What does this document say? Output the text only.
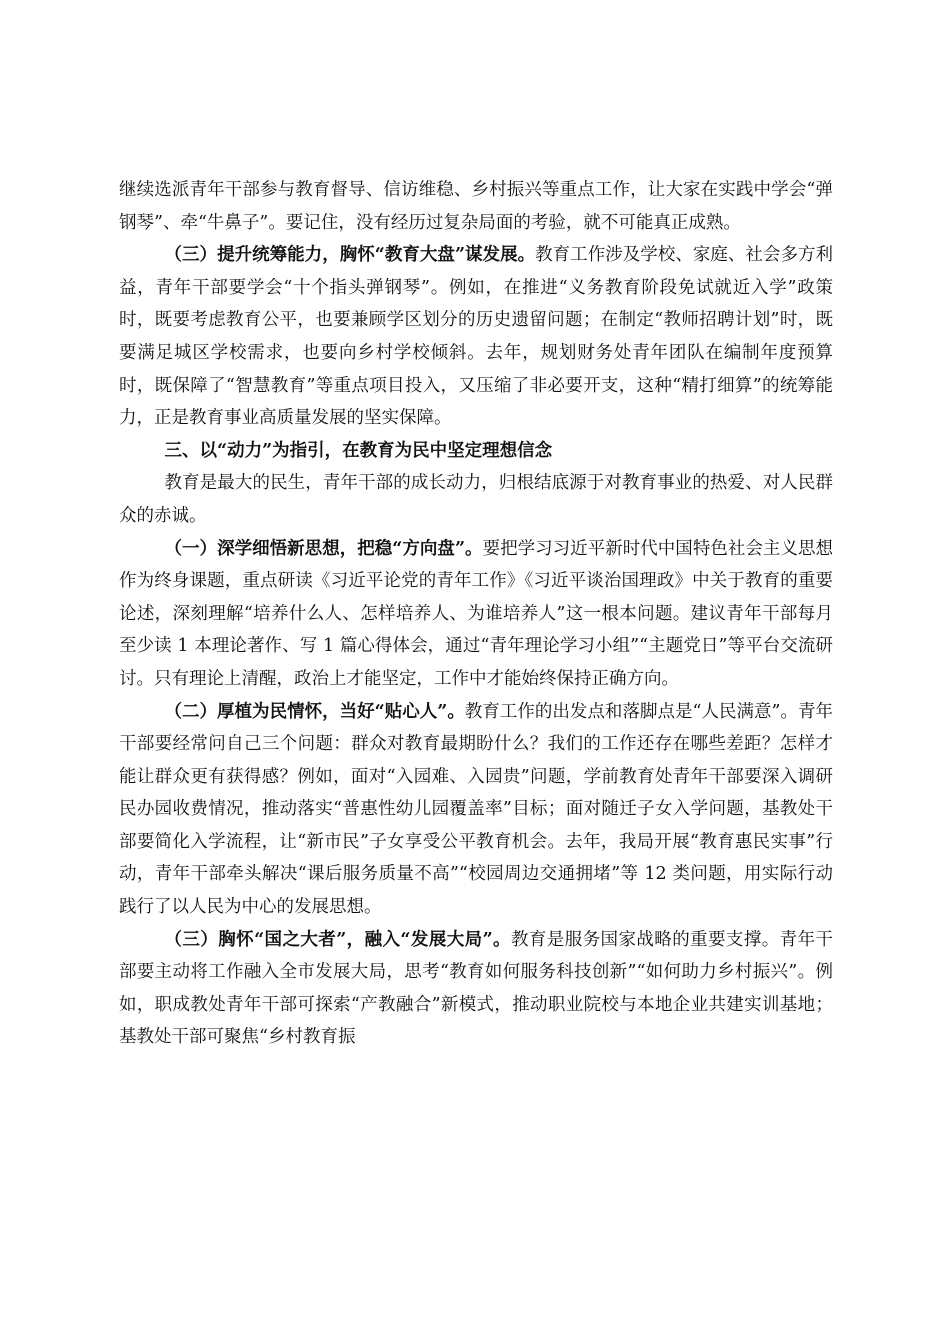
继续选派青年干部参与教育督导、信访维稳、乡村振兴等重点工作，让大家在实践中学会“弹钢琴”、牵“牛鼻子”。要记住，没有经历过复杂局面的考验，就不可能真正成熟。

（三）提升统筹能力，胸怀“教育大盘”谋发展。教育工作涉及学校、家庭、社会多方利益，青年干部要学会“十个指头弹钢琴”。例如，在推进“义务教育阶段免试就近入学”政策时，既要考虑教育公平，也要兼顾学区划分的历史遗留问题；在制定“教师招聘计划”时，既要满足城区学校需求，也要向乡村学校倾斜。去年，规划财务处青年团队在编制年度预算时，既保障了“智慧教育”等重点项目投入，又压缩了非必要开支，这种“精打细算”的统筹能力，正是教育事业高质量发展的坚实保障。

三、以“动力”为指引，在教育为民中坚定理想信念

教育是最大的民生，青年干部的成长动力，归根结底源于对教育事业的热爱、对人民群众的赤诚。

（一）深学细悟新思想，把稳“方向盘”。要把学习习近平新时代中国特色社会主义思想作为终身课题，重点研读《习近平论党的青年工作》《习近平谈治国理政》中关于教育的重要论述，深刻理解“培养什么人、怎样培养人、为谁培养人”这一根本问题。建议青年干部每月至少读 1 本理论著作、写 1 篇心得体会，通过“青年理论学习小组”“主题党日”等平台交流研讨。只有理论上清醒，政治上才能坚定，工作中才能始终保持正确方向。

（二）厚植为民情怀，当好“贴心人”。教育工作的出发点和落脚点是“人民满意”。青年干部要经常问自己三个问题：群众对教育最期盼什么？我们的工作还存在哪些差距？怎样才能让群众更有获得感？例如，面对“入园难、入园贵”问题，学前教育处青年干部要深入调研民办园收费情况，推动落实“普惠性幼儿园覆盖率”目标；面对随迁子女入学问题，基教处干部要简化入学流程，让“新市民”子女享受公平教育机会。去年，我局开展“教育惠民实事”行动，青年干部牵头解决“课后服务质量不高”“校园周边交通拥堵”等 12 类问题，用实际行动践行了以人民为中心的发展思想。

（三）胸怀“国之大者”，融入“发展大局”。教育是服务国家战略的重要支撑。青年干部要主动将工作融入全市发展大局，思考“教育如何服务科技创新”“如何助力乡村振兴”。例如，职成教处青年干部可探索“产教融合”新模式，推动职业院校与本地企业共建实训基地；基教处干部可聚焦“乡村教育振
